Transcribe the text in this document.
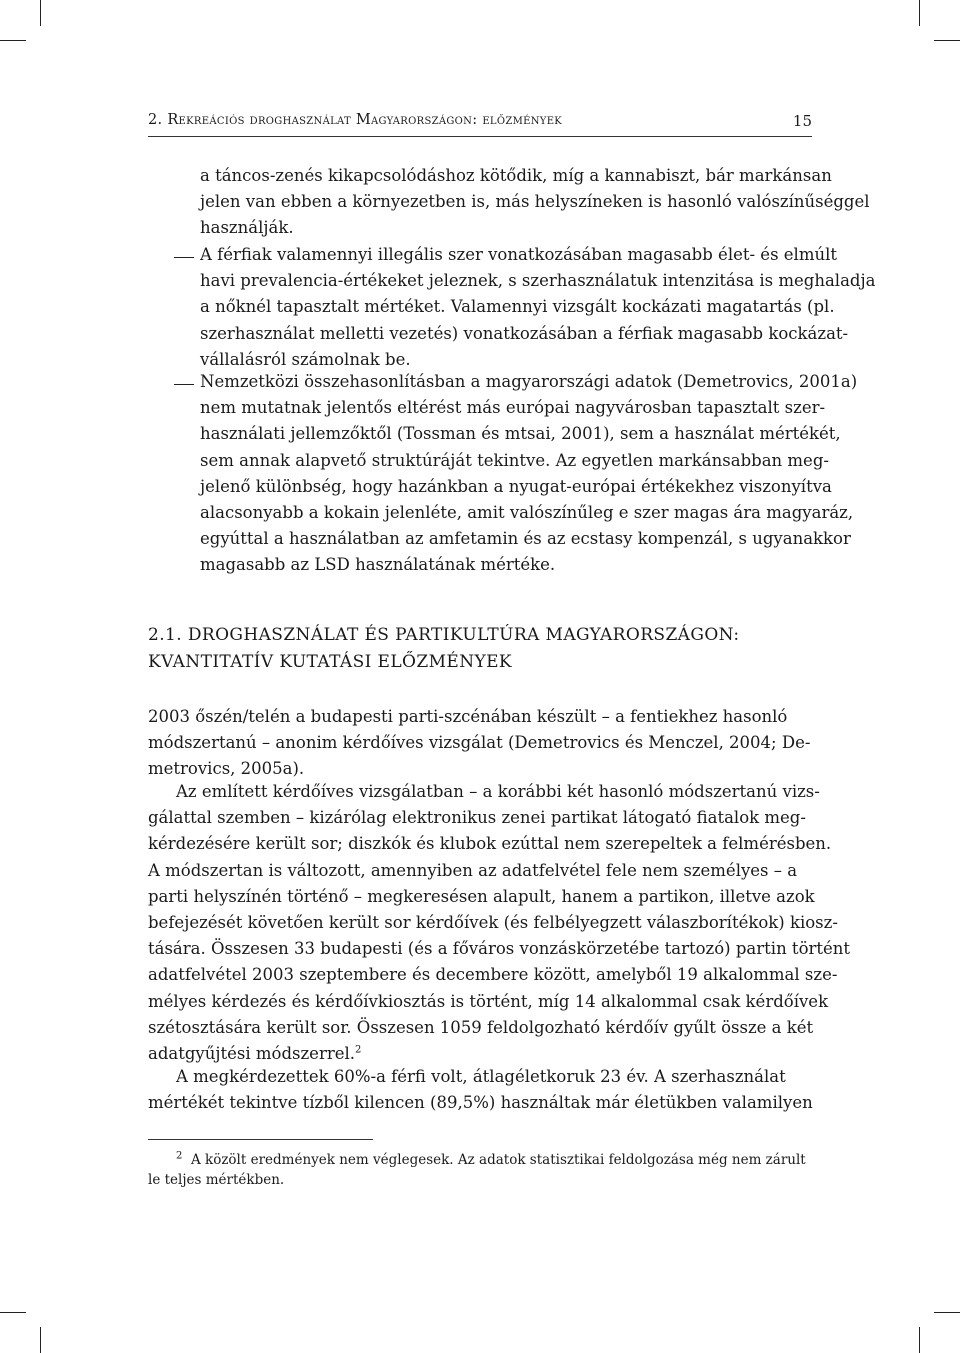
2. Rekreációs droghasználat Magyarországon: előzmények	15
a táncos-zenés kikapcsolódáshoz kötődik, míg a kannabiszt, bár markánsan
jelen van ebben a környezetben is, más helyszíneken is hasonló valószínűséggel
használják.
A férfiak valamennyi illegális szer vonatkozásában magasabb élet- és elmúlt
havi prevalencia-értékeket jeleznek, s szerhasználatuk intenzitása is meghaladja
a nőknél tapasztalt mértéket. Valamennyi vizsgált kockázati magatartás (pl.
szerhasználat melletti vezetés) vonatkozásában a férfiak magasabb kockázat-
vállalásról számolnak be.
Nemzetközi összehasonlításban a magyarországi adatok (Demetrovics, 2001a)
nem mutatnak jelentős eltérést más európai nagyvárosban tapasztalt szer-
használati jellemzőktől (Tossman és mtsai, 2001), sem a használat mértékét,
sem annak alapvető struktúráját tekintve. Az egyetlen markánsabban meg-
jelenő különbség, hogy hazánkban a nyugat-európai értékekhez viszonyítva
alacsonyabb a kokain jelenléte, amit valószínűleg e szer magas ára magyaráz,
egyúttal a használatban az amfetamin és az ecstasy kompenzál, s ugyanakkor
magasabb az LSD használatának mértéke.
2.1. DROGHASZNÁLAT ÉS PARTIKULTÚRA MAGYARORSZÁGON:
KVANTITATÍV KUTATÁSI ELŐZMÉNYEK
2003 őszén/telén a budapesti parti-szcénában készült – a fentiekhez hasonló
módszertanú – anonim kérdőíves vizsgálat (Demetrovics és Menczel, 2004; De-
metrovics, 2005a).
Az említett kérdőíves vizsgálatban – a korábbi két hasonló módszertanú vizs-
gálattal szemben – kizárólag elektronikus zenei partikat látogató fiatalok meg-
kérdezésére került sor; diszkók és klubok ezúttal nem szerepeltek a felmérésben.
A módszertan is változott, amennyiben az adatfelvétel fele nem személyes – a
parti helyszínén történő – megkeresésen alapult, hanem a partikon, illetve azok
befejezését követően került sor kérdőívek (és felbélyegzett válaszborítékok) kiosz-
tására. Összesen 33 budapesti (és a főváros vonzáskörzetébe tartozó) partin történt
adatfelvétel 2003 szeptembere és decembere között, amelyből 19 alkalommal sze-
mélyes kérdezés és kérdőívkiosztás is történt, míg 14 alkalommal csak kérdőívek
szétosztására került sor. Összesen 1059 feldolgozható kérdőív gyűlt össze a két
adatgyűjtési módszerrel.$^2$
A megkérdezettek 60%-a férfi volt, átlagéletkoruk 23 év. A szerhasználat
mértékét tekintve tízből kilencen (89,5%) használtak már életükben valamilyen
$^2$ A közölt eredmények nem véglegesek. Az adatok statisztikai feldolgozása még nem zárult
le teljes mértékben.
